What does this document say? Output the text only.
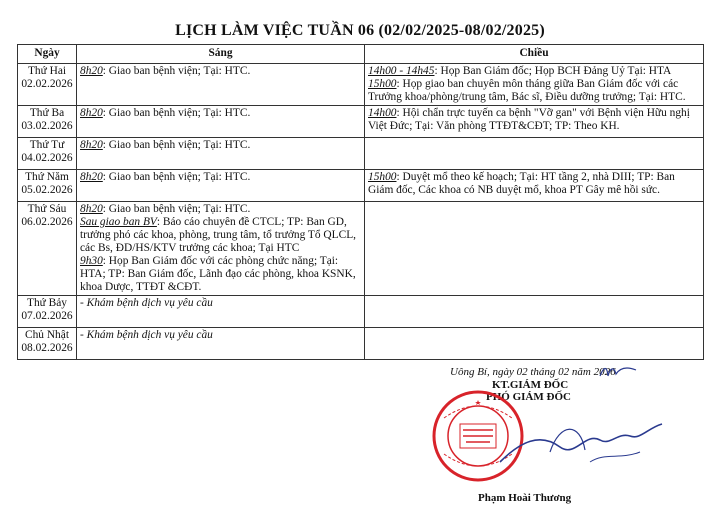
LỊCH LÀM VIỆC TUẦN 06 (02/02/2025-08/02/2025)
Ngày	Sáng	Chiều

Thứ Hai
02.02.2026	8h20: Giao ban bệnh viện; Tại: HTC.	14h00 - 14h45: Họp Ban Giám đốc; Họp BCH Đảng Uỷ Tại: HTA
15h00: Họp giao ban chuyên môn tháng giữa Ban Giám đốc với các Trưởng khoa/phòng/trung tâm, Bác sĩ, Điều dưỡng trưởng; Tại: HTC.

Thứ Ba
03.02.2026	8h20: Giao ban bệnh viện; Tại: HTC.	14h00: Hội chẩn trực tuyến ca bệnh "Vỡ gan" với Bệnh viện Hữu nghị Việt Đức; Tại: Văn phòng TTĐT&CĐT; TP: Theo KH.

Thứ Tư
04.02.2026	8h20: Giao ban bệnh viện; Tại: HTC.	

Thứ Năm
05.02.2026	8h20: Giao ban bệnh viện; Tại: HTC.	15h00: Duyệt mổ theo kế hoạch; Tại: HT tầng 2, nhà DIII; TP: Ban Giám đốc, Các khoa có NB duyệt mổ, khoa PT Gây mê hồi sức.

Thứ Sáu
06.02.2026	8h20: Giao ban bệnh viện; Tại: HTC.
Sau giao ban BV: Báo cáo chuyên đề CTCL; TP: Ban GD, trưởng phó các khoa, phòng, trung tâm, tổ trưởng Tổ QLCL, các Bs, ĐD/HS/KTV trưởng các khoa; Tại HTC
9h30: Họp Ban Giám đốc với các phòng chức năng; Tại: HTA; TP: Ban Giám đốc, Lãnh đạo các phòng, khoa KSNK, khoa Dược, TTĐT &CĐT.	

Thứ Bảy
07.02.2026	- Khám bệnh dịch vụ yêu cầu	

Chủ Nhật
08.02.2026	- Khám bệnh dịch vụ yêu cầu	

Uông Bí, ngày 02 tháng 02 năm 2026
KT.GIÁM ĐỐC
PHÓ GIÁM ĐỐC
Phạm Hoài Thương
